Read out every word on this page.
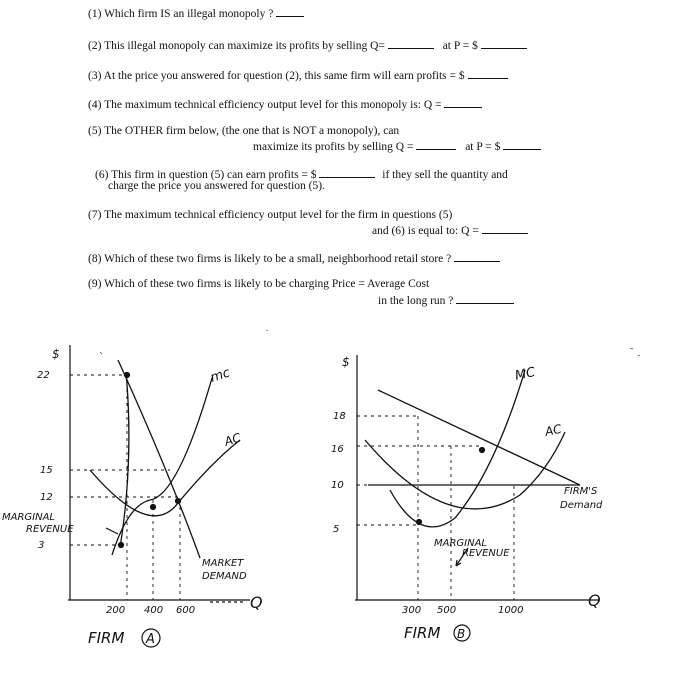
(1) Which firm IS an illegal monopoly ?
(2) This illegal monopoly can maximize its profits by selling Q=	at P = $
(3) At the price you answered for question (2), this same firm will earn profits = $
(4) The maximum technical efficiency output level for this monopoly is: Q =
(5) The OTHER firm below, (the one that is NOT a monopoly), can
maximize its profits by selling Q =	at P = $
(6) This firm in question (5) can earn profits = $	if they sell the quantity and
charge the price you answered for question (5).
(7) The maximum technical efficiency output level for the firm in questions (5)
and (6) is equal to: Q =
(8) Which of these two firms is likely to be a small, neighborhood retail store ?
(9) Which of these two firms is likely to be charging Price = Average Cost
in the long run ?
$
22
15
12
3
mc
AC
MARGINAL
REVENUE
MARKET
DEMAND
200 400 600	Q
FIRM A
$
18
16
10
5
MC
AC
MARGINAL
REVENUE
FIRM'S
Demand
300 500	1000
Q
FIRM B
